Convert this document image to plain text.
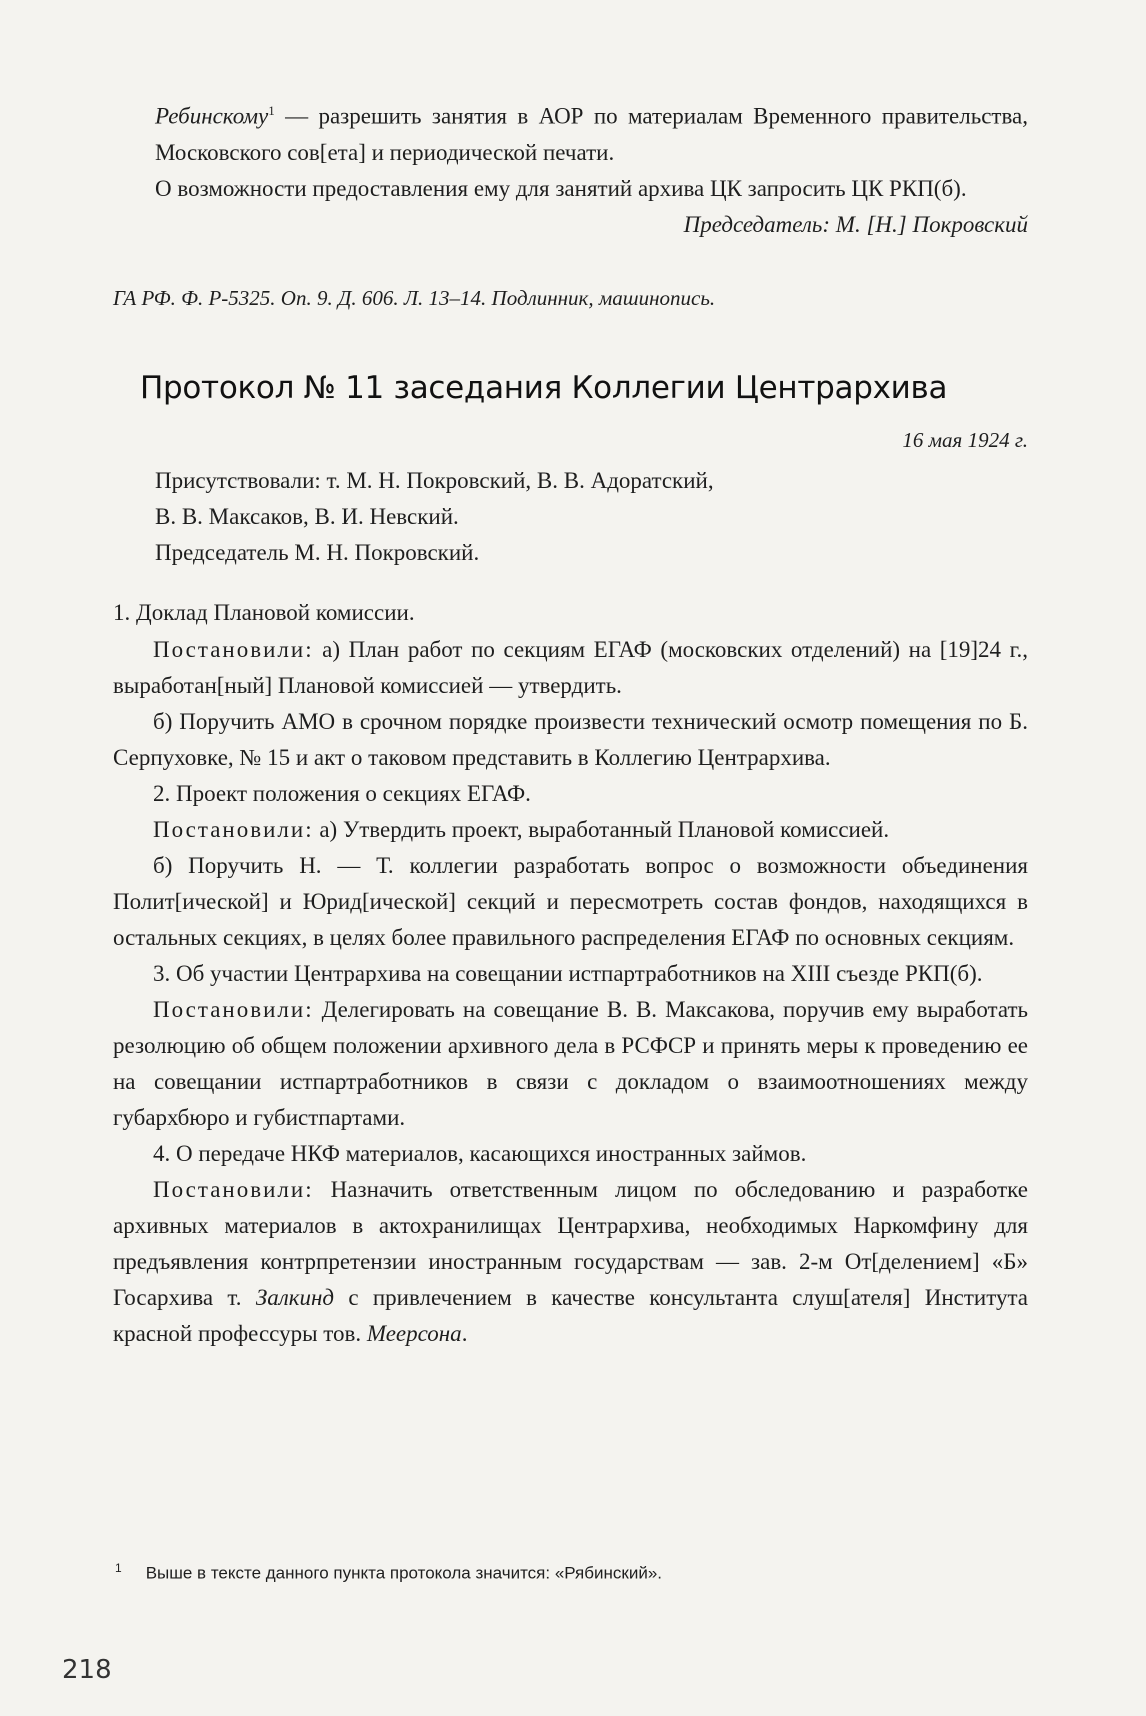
Ребинскому$^1$ — разрешить занятия в АОР по материалам Временного правительства, Московского сов[ета] и периодической печати.

О возможности предоставления ему для занятий архива ЦК запросить ЦК РКП(б).

Председатель: М. [Н.] Покровский

ГА РФ. Ф. Р-5325. Оп. 9. Д. 606. Л. 13–14. Подлинник, машинопись.

Протокол № 11 заседания Коллегии Центрархива

16 мая 1924 г.

Присутствовали: т. М. Н. Покровский, В. В. Адоратский,

В. В. Максаков, В. И. Невский.

Председатель М. Н. Покровский.

1. Доклад Плановой комиссии.

Постановили: а) План работ по секциям ЕГАФ (московских отделений) на [19]24 г., выработан[ный] Плановой комиссией — утвердить.

б) Поручить АМО в срочном порядке произвести технический осмотр помещения по Б. Серпуховке, № 15 и акт о таковом представить в Коллегию Центрархива.

2. Проект положения о секциях ЕГАФ.

Постановили: а) Утвердить проект, выработанный Плановой комиссией.

б) Поручить Н. — Т. коллегии разработать вопрос о возможности объединения Полит[ической] и Юрид[ической] секций и пересмотреть состав фондов, находящихся в остальных секциях, в целях более правильного распределения ЕГАФ по основных секциям.

3. Об участии Центрархива на совещании истпартработников на XIII съезде РКП(б).

Постановили: Делегировать на совещание В. В. Максакова, поручив ему выработать резолюцию об общем положении архивного дела в РСФСР и принять меры к проведению ее на совещании истпартработников в связи с докладом о взаимоотношениях между губархбюро и губистпартами.

4. О передаче НКФ материалов, касающихся иностранных займов.

Постановили: Назначить ответственным лицом по обследованию и разработке архивных материалов в актохранилищах Центрархива, необходимых Наркомфину для предъявления контрпретензии иностранным государствам — зав. 2-м От[делением] «Б» Госархива т. Залкинд с привлечением в качестве консультанта слуш[ателя] Института красной профессуры тов. Меерсона.

$^1$ Выше в тексте данного пункта протокола значится: «Рябинский».
218
